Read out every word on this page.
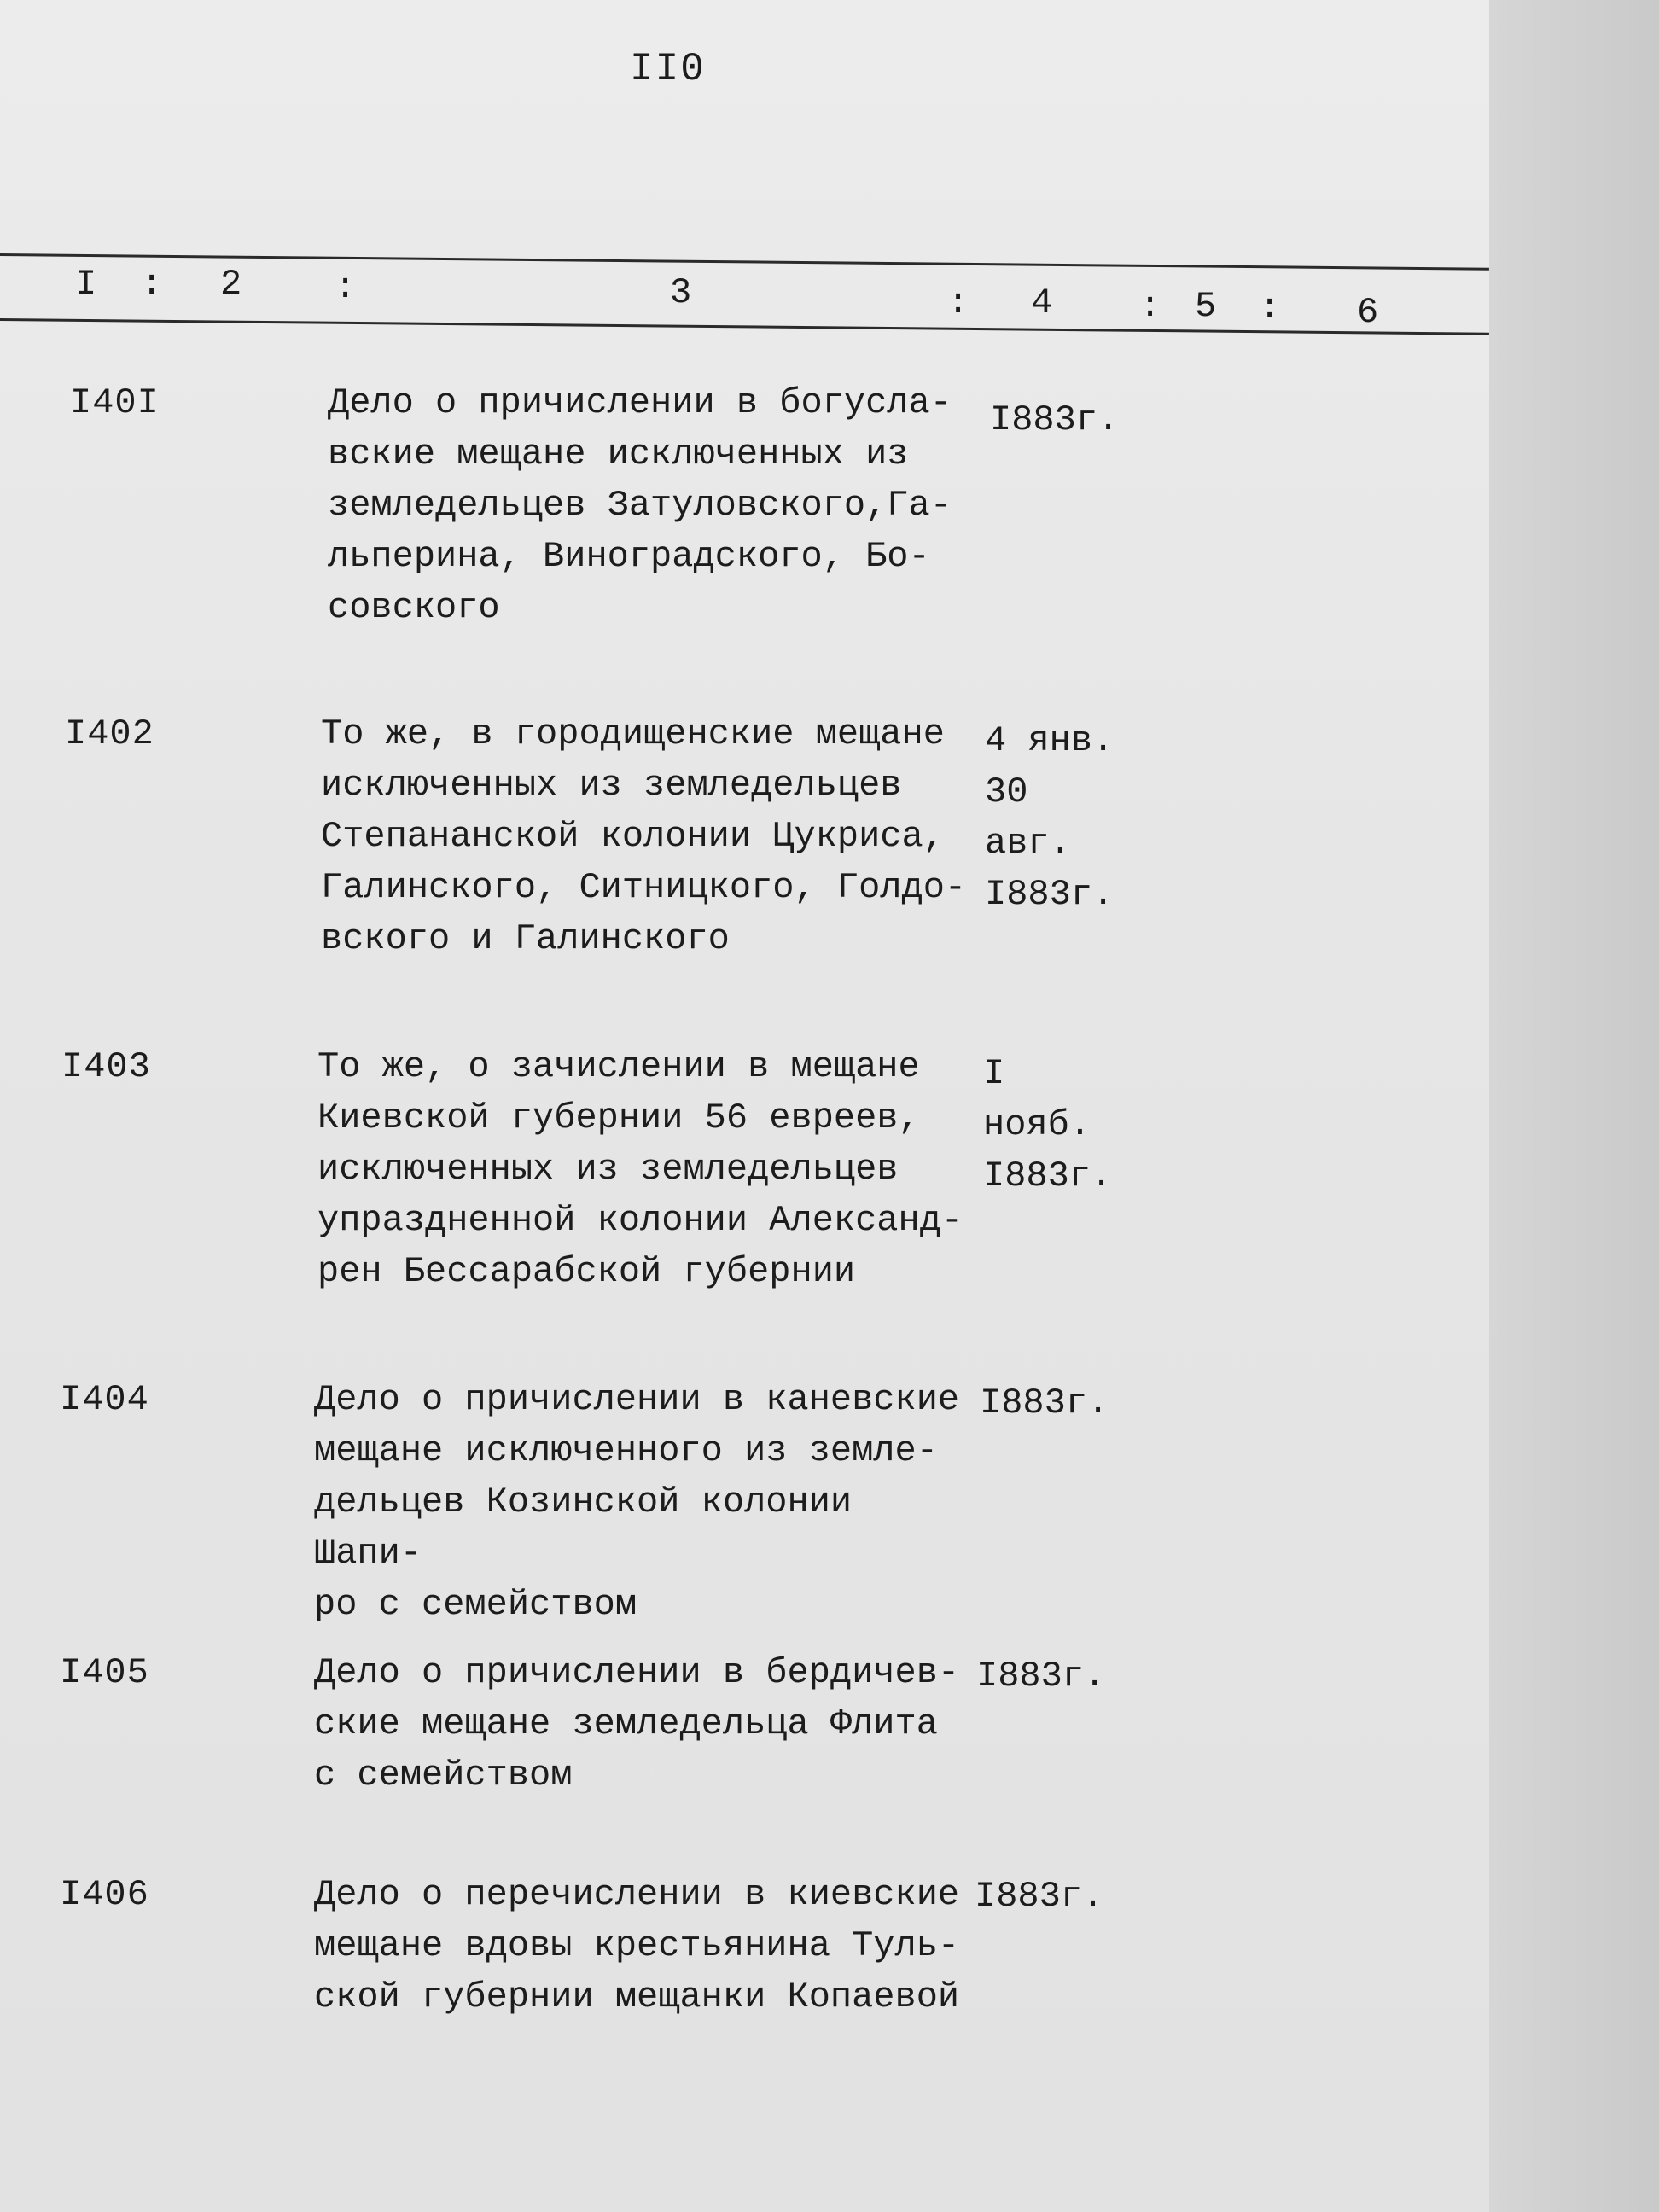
II0
I : 2	:	3	: 4 : 5 : 6
I40I	Дело о причислении в богусла-
вские мещане исключенных из
земледельцев Затуловского,Га-
льперина, Виноградского, Бо-
совского
I883г.
I402	То же, в городищенские мещане
исключенных из земледельцев
Степананской колонии Цукриса,
Галинского, Ситницкого, Голдо-
вского и Галинского
4 янв.
30 авг.
I883г.
I403	То же, о зачислении в мещане
Киевской губернии 56 евреев,
исключенных из земледельцев
упраздненной колонии Александ-
рен Бессарабской губернии
I нояб.
I883г.
I404	Дело о причислении в каневские
мещане исключенного из земле-
дельцев Козинской колонии Шапи-
ро с семейством
I883г.
I405	Дело о причислении в бердичев-
ские мещане земледельца Флита
с семейством
I883г.
I406	Дело о перечислении в киевские
мещане вдовы крестьянина Туль-
ской губернии мещанки Копаевой
I883г.
